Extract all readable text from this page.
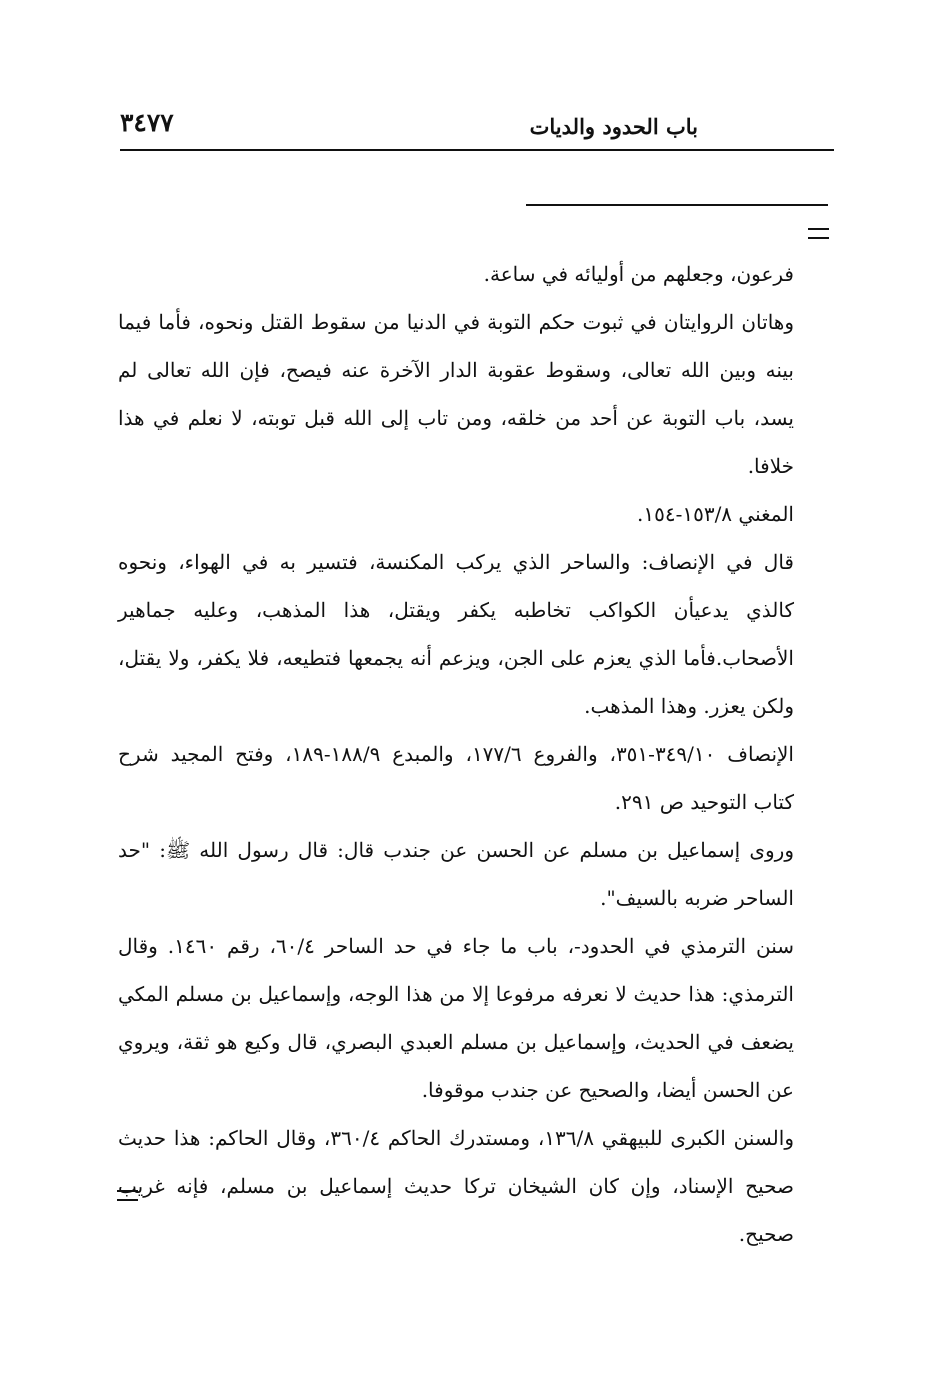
باب الحدود والديات
٣٤٧٧

فرعون، وجعلهم من أوليائه في ساعة.

وهاتان الروايتان في ثبوت حكم التوبة في الدنيا من سقوط القتل ونحوه، فأما فيما بينه وبين الله تعالى، وسقوط عقوبة الدار الآخرة عنه فيصح، فإن الله تعالى لم يسد، باب التوبة عن أحد من خلقه، ومن تاب إلى الله قبل توبته، لا نعلم في هذا خلافا.

المغني ١٥٣/٨-١٥٤.

قال في الإنصاف: والساحر الذي يركب المكنسة، فتسير به في الهواء، ونحوه كالذي يدعيأن الكواكب تخاطبه يكفر ويقتل، هذا المذهب، وعليه جماهير الأصحاب.فأما الذي يعزم على الجن، ويزعم أنه يجمعها فتطيعه، فلا يكفر، ولا يقتل، ولكن يعزر. وهذا المذهب.

الإنصاف ٣٤٩/١٠-٣٥١، والفروع ١٧٧/٦، والمبدع ١٨٨/٩-١٨٩، وفتح المجيد شرح كتاب التوحيد ص ٢٩١.

وروى إسماعيل بن مسلم عن الحسن عن جندب قال: قال رسول الله ﷺ: "حد الساحر ضربه بالسيف".

سنن الترمذي في الحدود-، باب ما جاء في حد الساحر ٦٠/٤، رقم ١٤٦٠. وقال الترمذي: هذا حديث لا نعرفه مرفوعا إلا من هذا الوجه، وإسماعيل بن مسلم المكي يضعف في الحديث، وإسماعيل بن مسلم العبدي البصري، قال وكيع هو ثقة، ويروي عن الحسن أيضا، والصحيح عن جندب موقوفا.

والسنن الكبرى للبيهقي ١٣٦/٨، ومستدرك الحاكم ٣٦٠/٤، وقال الحاكم: هذا حديث صحيح الإسناد، وإن كان الشيخان تركا حديث إسماعيل بن مسلم، فإنه غريب صحيح.
